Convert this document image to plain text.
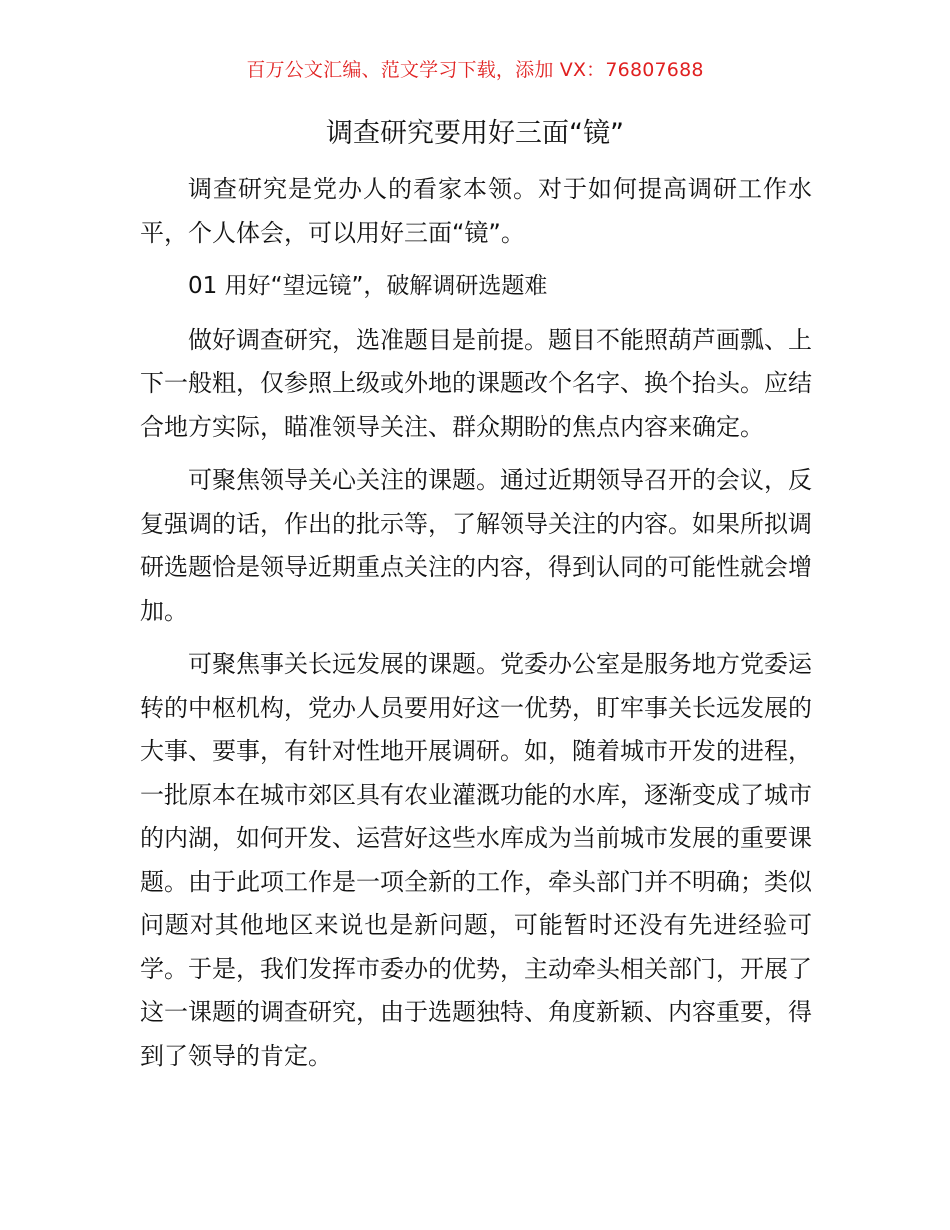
百万公文汇编、范文学习下载，添加 VX：76807688
调查研究要用好三面“镜”

调查研究是党办人的看家本领。对于如何提高调研工作水平，个人体会，可以用好三面“镜”。

01 用好“望远镜”，破解调研选题难

做好调查研究，选准题目是前提。题目不能照葫芦画瓢、上下一般粗，仅参照上级或外地的课题改个名字、换个抬头。应结合地方实际，瞄准领导关注、群众期盼的焦点内容来确定。

可聚焦领导关心关注的课题。通过近期领导召开的会议，反复强调的话，作出的批示等，了解领导关注的内容。如果所拟调研选题恰是领导近期重点关注的内容，得到认同的可能性就会增加。

可聚焦事关长远发展的课题。党委办公室是服务地方党委运转的中枢机构，党办人员要用好这一优势，盯牢事关长远发展的大事、要事，有针对性地开展调研。如，随着城市开发的进程，一批原本在城市郊区具有农业灌溉功能的水库，逐渐变成了城市的内湖，如何开发、运营好这些水库成为当前城市发展的重要课题。由于此项工作是一项全新的工作，牵头部门并不明确；类似问题对其他地区来说也是新问题，可能暂时还没有先进经验可学。于是，我们发挥市委办的优势，主动牵头相关部门，开展了这一课题的调查研究，由于选题独特、角度新颖、内容重要，得到了领导的肯定。
